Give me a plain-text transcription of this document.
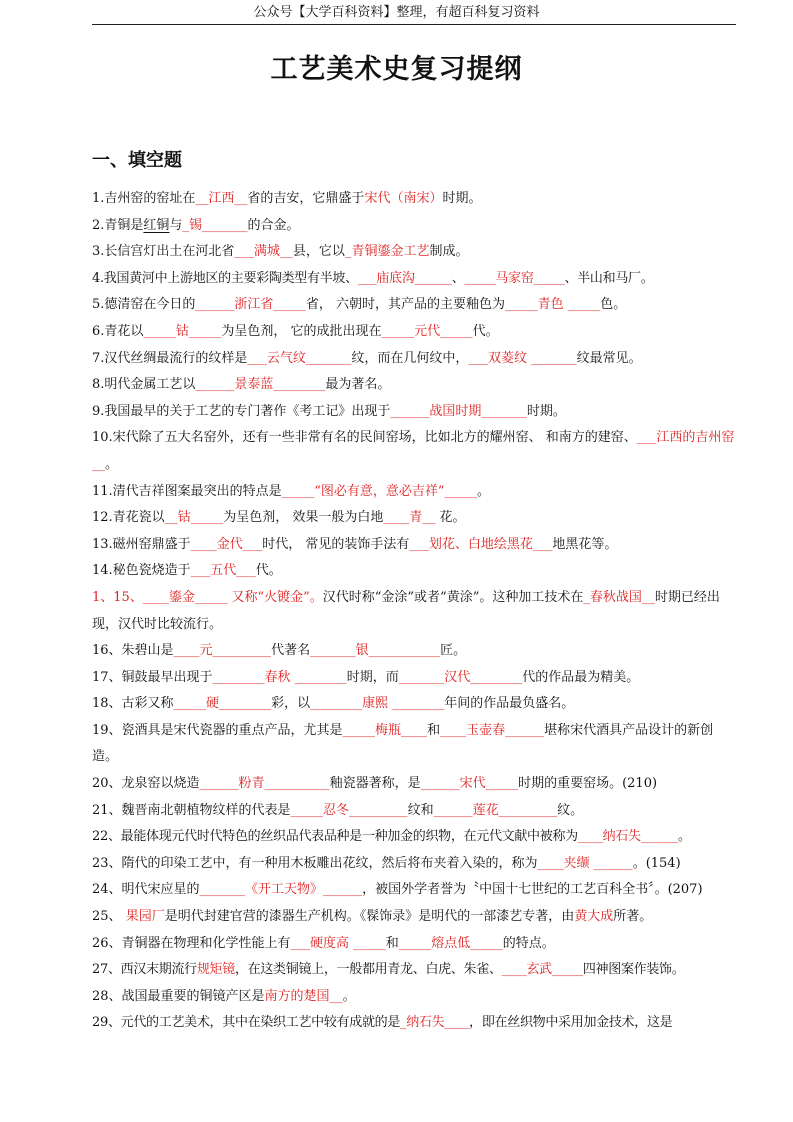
公众号【大学百科资料】整理，有超百科复习资料
工艺美术史复习提纲
一、填空题

1.吉州窑的窑址在__江西__省的吉安，它鼎盛于宋代（南宋）时期。

2.青铜是红铜与_锡_______的合金。

3.长信宫灯出土在河北省___满城__县，它以_青铜鎏金工艺制成。

4.我国黄河中上游地区的主要彩陶类型有半坡、___庙底沟______、_____马家窑_____、半山和马厂。

5.德清窑在今日的______浙江省_____省， 六朝时，其产品的主要釉色为_____青色 _____色。

6.青花以_____钴_____为呈色剂， 它的成批出现在_____元代_____代。

7.汉代丝绸最流行的纹样是___云气纹_______纹，而在几何纹中，___双菱纹 _______纹最常见。

8.明代金属工艺以______景泰蓝________最为著名。

9.我国最早的关于工艺的专门著作《考工记》出现于______战国时期_______时期。

10.宋代除了五大名窑外，还有一些非常有名的民间窑场，比如北方的耀州窑、 和南方的建窑、___江西的吉州窑__。

11.清代吉祥图案最突出的特点是_____“图必有意，意必吉祥”_____。

12.青花瓷以__钴_____为呈色剂， 效果一般为白地____青__ 花。

13.磁州窑鼎盛于____金代___时代， 常见的装饰手法有___划花、白地绘黑花___地黑花等。

14.秘色瓷烧造于___五代___代。

1、15、____鎏金_____ 又称“火镀金”。汉代时称“金涂”或者“黄涂”。这种加工技术在_春秋战国__时期已经出现，汉代时比较流行。

16、朱碧山是____元_________代著名_______银___________匠。

17、铜鼓最早出现于________春秋 ________时期，而_______汉代________代的作品最为精美。

18、古彩又称_____硬________彩，以________康熙 ________年间的作品最负盛名。

19、瓷酒具是宋代瓷器的重点产品，尤其是_____梅瓶____和____玉壶春______堪称宋代酒具产品设计的新创造。

20、龙泉窑以烧造______粉青__________釉瓷器著称，是______宋代_____时期的重要窑场。(210)

21、魏晋南北朝植物纹样的代表是_____忍冬_________纹和______莲花_________纹。

22、最能体现元代时代特色的丝织品代表品种是一种加金的织物，在元代文献中被称为____纳石失______。

23、隋代的印染工艺中，有一种用木板雕出花纹，然后将布夹着入染的，称为____夹缬 ______。(154)

24、明代宋应星的_______《开工天物》______，被国外学者誉为〝中国十七世纪的工艺百科全书〞。(207)

25、 果园厂是明代封建官营的漆器生产机构。《髹饰录》是明代的一部漆艺专著，由黄大成所著。

26、青铜器在物理和化学性能上有___硬度高 _____和_____熔点低_____的特点。

27、西汉末期流行规矩镜，在这类铜镜上，一般都用青龙、白虎、朱雀、____玄武_____四神图案作装饰。

28、战国最重要的铜镜产区是南方的楚国__。

29、元代的工艺美术，其中在染织工艺中较有成就的是_纳石失____，即在丝织物中采用加金技术，这是
